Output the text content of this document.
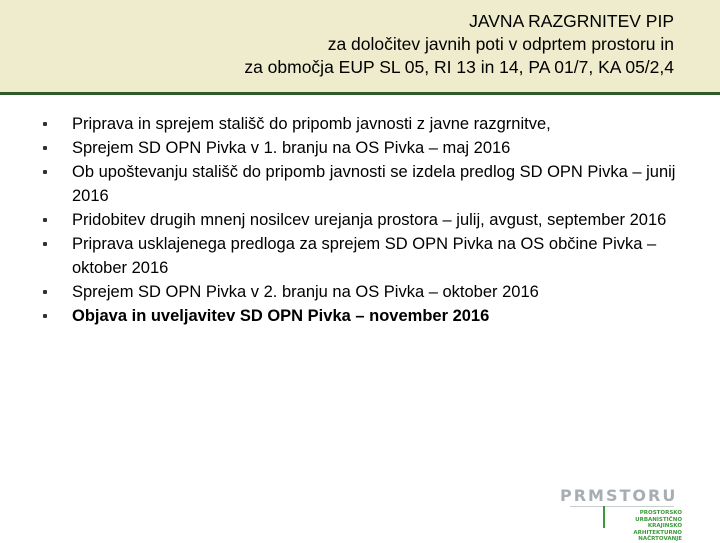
JAVNA RAZGRNITEV PIP
za določitev javnih poti v odprtem prostoru in
za območja EUP SL 05, RI 13 in 14, PA 01/7, KA 05/2,4
Priprava in sprejem stališč do pripomb javnosti z javne razgrnitve,
Sprejem SD OPN Pivka v 1. branju na OS Pivka – maj 2016
Ob upoštevanju stališč do pripomb javnosti se izdela predlog SD OPN Pivka – junij 2016
Pridobitev drugih mnenj nosilcev urejanja prostora – julij, avgust, september 2016
Priprava usklajenega predloga za sprejem SD OPN Pivka na OS občine Pivka – oktober 2016
Sprejem SD OPN Pivka v 2. branju na OS Pivka – oktober 2016
Objava in uveljavitev SD OPN Pivka – november 2016
PRMSTORU
PROSTORSKO
URBANISTIČNO
KRAJINSKO
ARHITEKTURNO
NAČRTOVANJE
